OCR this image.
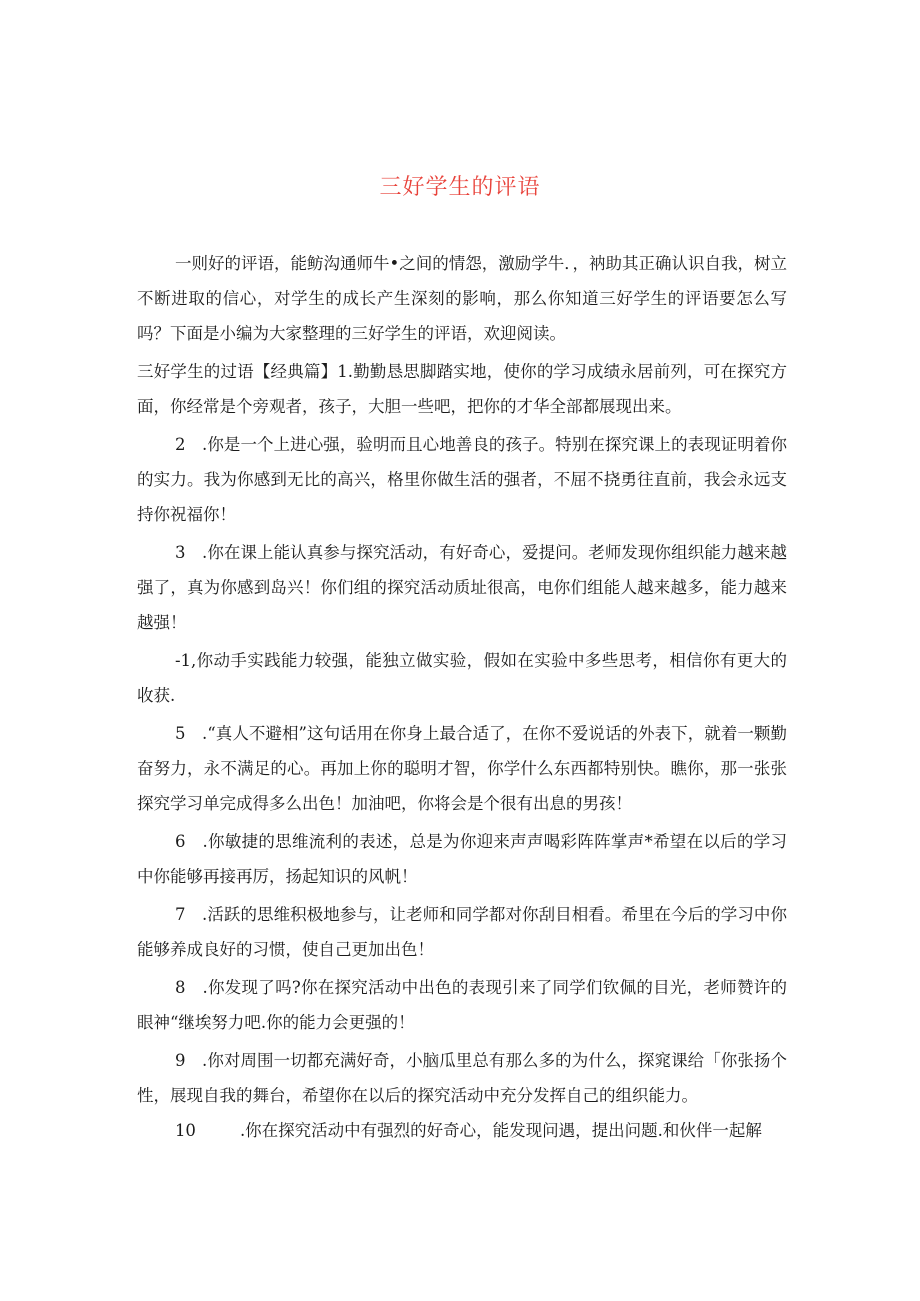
三好学生的评语

一则好的评语，能鲂沟通师牛•之间的情怨，激励学牛．，衲助其正确认识自我，树立不断进取的信心，对学生的成长产生深刻的影响，那么你知道三好学生的评语要怎么写吗？下面是小编为大家整理的三好学生的评语，欢迎阅读。

三好学生的过语【经典篇】1.勤勤恳思脚踏实地，使你的学习成绩永居前列，可在探究方面，你经常是个旁观者，孩子，大胆一些吧，把你的才华全部都展现出来。

2　.你是一个上进心强，验明而且心地善良的孩子。特别在探究课上的表现证明着你的实力。我为你感到无比的高兴，格里你做生活的强者，不屈不挠勇往直前，我会永远支持你祝福你！

3　.你在课上能认真参与探究活动，有好奇心，爱提问。老师发现你组织能力越来越强了，真为你感到岛兴！你们组的探究活动质址很高，电你们组能人越来越多，能力越来越强！

-1,你动手实践能力较强，能独立做实验，假如在实验中多些思考，相信你有更大的收获.

5　.“真人不避相”这句话用在你身上最合适了，在你不爱说话的外表下，就着一颗勤奋努力，永不满足的心。再加上你的聪明才智，你学什么东西都特别快。瞧你，那一张张探究学习单完成得多么出色！加油吧，你将会是个很有出息的男孩！

6　.你敏捷的思维流利的表述，总是为你迎来声声喝彩阵阵掌声*希望在以后的学习中你能够再接再厉，扬起知识的风帆！

7　.活跃的思维积极地参与，让老师和同学都对你刮目相看。希里在今后的学习中你能够养成良好的习惯，使自己更加出色！

8　.你发现了吗?你在探究活动中出色的表现引来了同学们钦佩的目光，老师赞许的眼神“继埃努力吧.你的能力会更强的！

9　.你对周围一切都充满好奇，小脑瓜里总有那么多的为什么，探窕课给「你张扬个性，展现自我的舞台，希望你在以后的探究活动中充分发挥自己的组织能力。

10	.你在探究活动中有强烈的好奇心，能发现问遇，提出问题.和伙伴一起解
